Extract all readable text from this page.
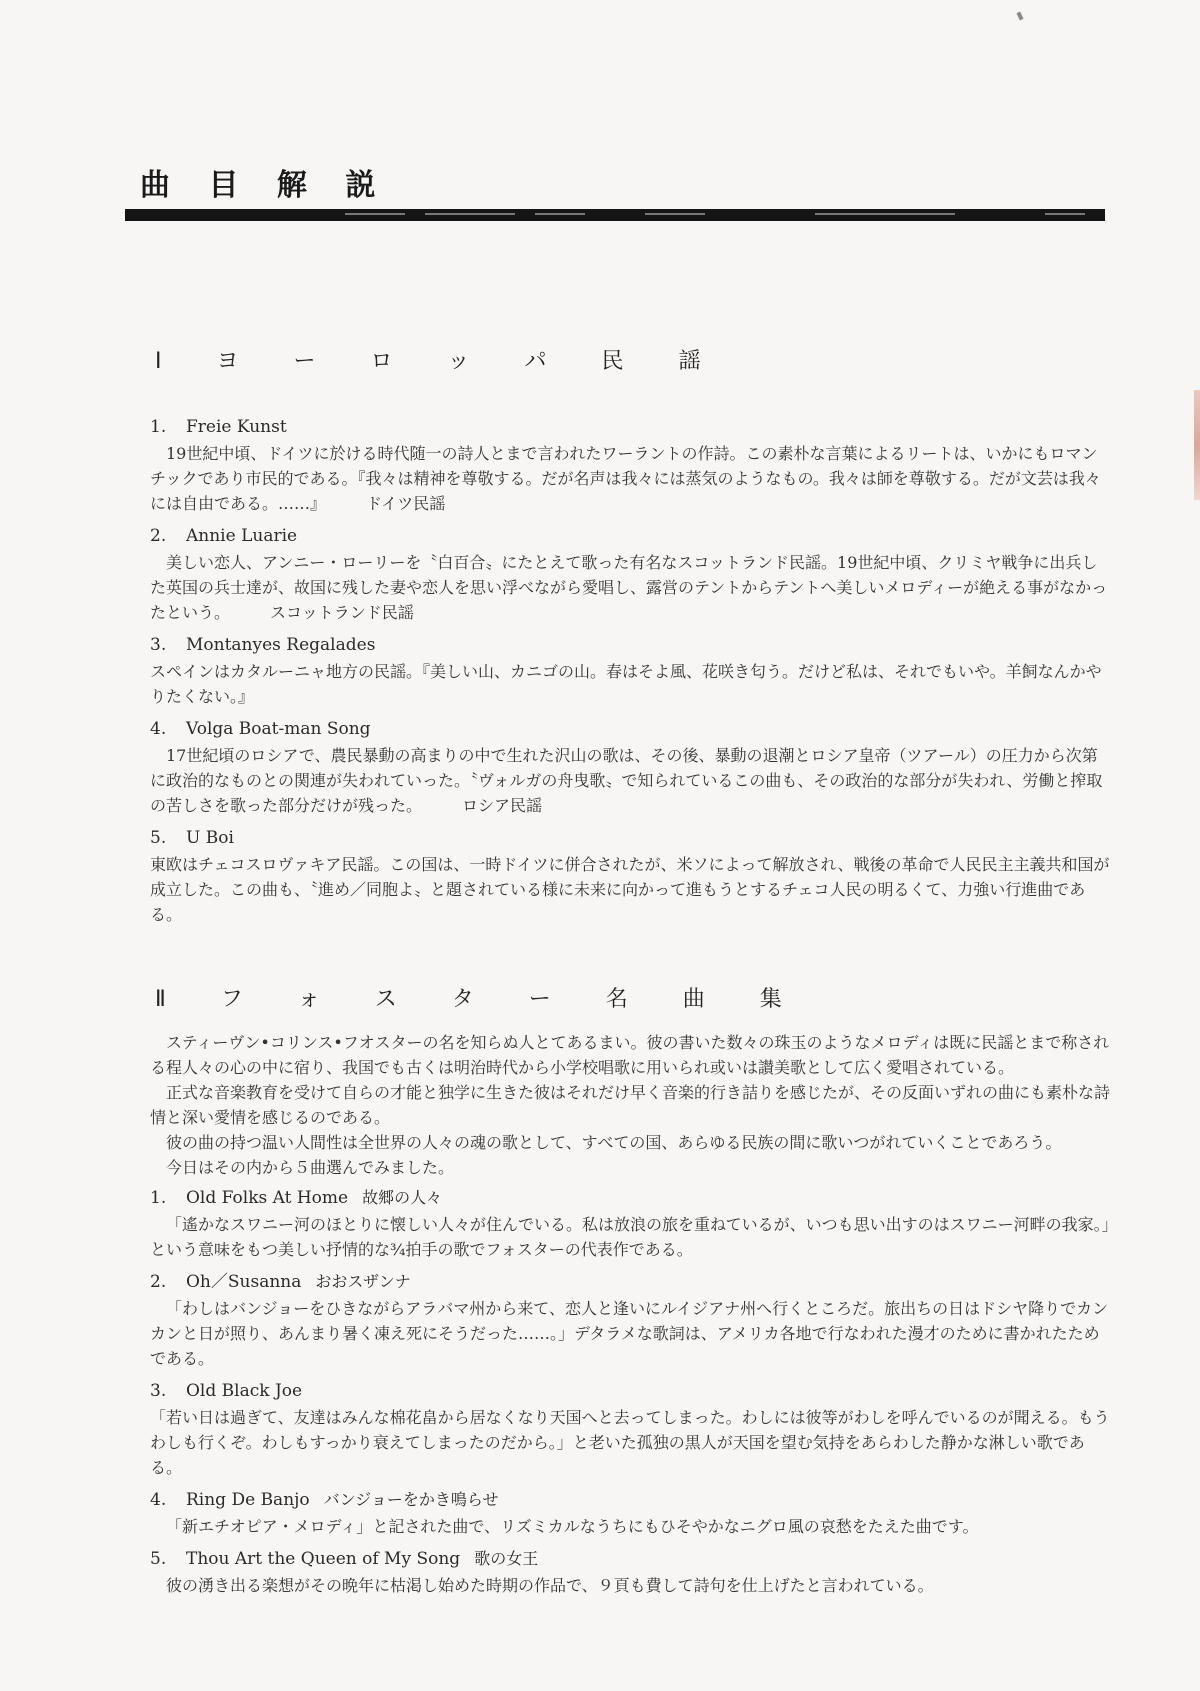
曲 目 解 説
Ⅰ ヨ ー ロ ッ パ 民 謡

1. Freie Kunst

19世紀中頃、ドイツに於ける時代随一の詩人とまで言われたワーラントの作詩。この素朴な言葉によるリートは、いかにもロマンチックであり市民的である。『我々は精神を尊敬する。だが名声は我々には蒸気のようなもの。我々は師を尊敬する。だが文芸は我々には自由である。……』	ドイツ民謡

2. Annie Luarie

美しい恋人、アンニー・ローリーを〝白百合〟にたとえて歌った有名なスコットランド民謡。19世紀中頃、クリミヤ戦争に出兵した英国の兵士達が、故国に残した妻や恋人を思い浮べながら愛唱し、露営のテントからテントへ美しいメロディーが絶える事がなかったという。	スコットランド民謡

3. Montanyes Regalades

スペインはカタルーニャ地方の民謡。『美しい山、カニゴの山。春はそよ風、花咲き匂う。だけど私は、それでもいや。羊飼なんかやりたくない。』

4. Volga Boat-man Song

17世紀頃のロシアで、農民暴動の高まりの中で生れた沢山の歌は、その後、暴動の退潮とロシア皇帝（ツアール）の圧力から次第に政治的なものとの関連が失われていった。〝ヴォルガの舟曳歌〟で知られているこの曲も、その政治的な部分が失われ、労働と搾取の苦しさを歌った部分だけが残った。	ロシア民謡

5. U Boi

東欧はチェコスロヴァキア民謡。この国は、一時ドイツに併合されたが、米ソによって解放され、戦後の革命で人民民主主義共和国が成立した。この曲も、〝進め／同胞よ〟と題されている様に未来に向かって進もうとするチェコ人民の明るくて、力強い行進曲である。

Ⅱ フ ォ ス タ ー 名 曲 集

スティーヴン•コリンス•フオスターの名を知らぬ人とてあるまい。彼の書いた数々の珠玉のようなメロディは既に民謡とまで称される程人々の心の中に宿り、我国でも古くは明治時代から小学校唱歌に用いられ或いは讃美歌として広く愛唱されている。

正式な音楽教育を受けて自らの才能と独学に生きた彼はそれだけ早く音楽的行き詰りを感じたが、その反面いずれの曲にも素朴な詩情と深い愛情を感じるのである。

彼の曲の持つ温い人間性は全世界の人々の魂の歌として、すべての国、あらゆる民族の間に歌いつがれていくことであろう。

今日はその内から５曲選んでみました。

1. Old Folks At Home 故郷の人々

「遙かなスワニー河のほとりに懐しい人々が住んでいる。私は放浪の旅を重ねているが、いつも思い出すのはスワニー河畔の我家。」という意味をもつ美しい抒情的な¾拍手の歌でフォスターの代表作である。

2. Oh／Susanna おおスザンナ

「わしはバンジョーをひきながらアラバマ州から来て、恋人と逢いにルイジアナ州へ行くところだ。旅出ちの日はドシヤ降りでカンカンと日が照り、あんまり暑く凍え死にそうだった……。」デタラメな歌詞は、アメリカ各地で行なわれた漫才のために書かれたためである。

3. Old Black Joe

「若い日は過ぎて、友達はみんな棉花畠から居なくなり天国へと去ってしまった。わしには彼等がわしを呼んでいるのが聞える。もうわしも行くぞ。わしもすっかり衰えてしまったのだから。」と老いた孤独の黒人が天国を望む気持をあらわした静かな淋しい歌である。

4. Ring De Banjo バンジョーをかき鳴らせ

「新エチオピア・メロディ」と記された曲で、リズミカルなうちにもひそやかなニグロ風の哀愁をたえた曲です。

5. Thou Art the Queen of My Song 歌の女王

彼の湧き出る楽想がその晩年に枯渇し始めた時期の作品で、９頁も費して詩句を仕上げたと言われている。
